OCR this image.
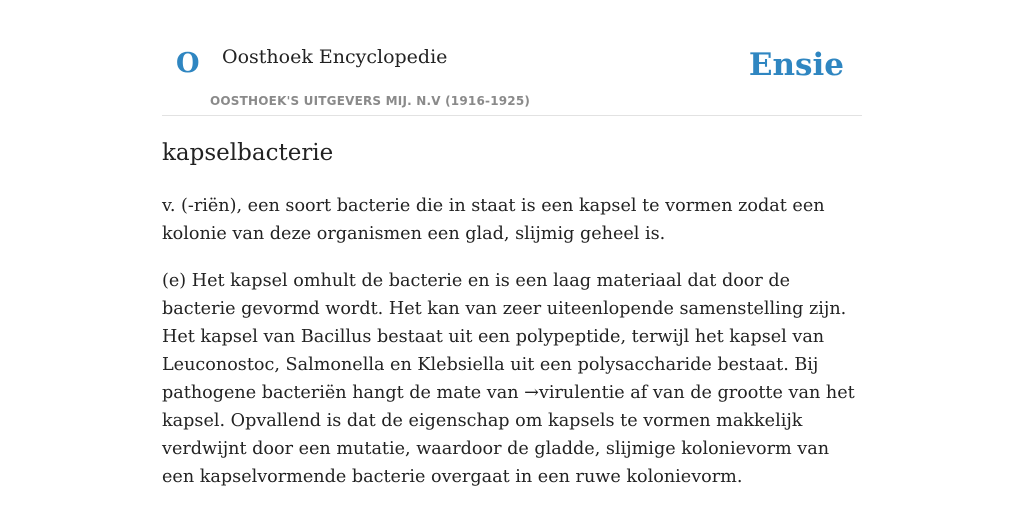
O Oosthoek Encyclopedie
OOSTHOEK'S UITGEVERS MIJ. N.V (1916-1925)
Ensie
kapselbacterie

v. (-riën), een soort bacterie die in staat is een kapsel te vormen zodat een kolonie van deze organismen een glad, slijmig geheel is.

(e) Het kapsel omhult de bacterie en is een laag materiaal dat door de bacterie gevormd wordt. Het kan van zeer uiteenlopende samenstelling zijn. Het kapsel van Bacillus bestaat uit een polypeptide, terwijl het kapsel van Leuconostoc, Salmonella en Klebsiella uit een polysaccharide bestaat. Bij pathogene bacteriën hangt de mate van →virulentie af van de grootte van het kapsel. Opvallend is dat de eigenschap om kapsels te vormen makkelijk verdwijnt door een mutatie, waardoor de gladde, slijmige kolonievorm van een kapselvormende bacterie overgaat in een ruwe kolonievorm.
